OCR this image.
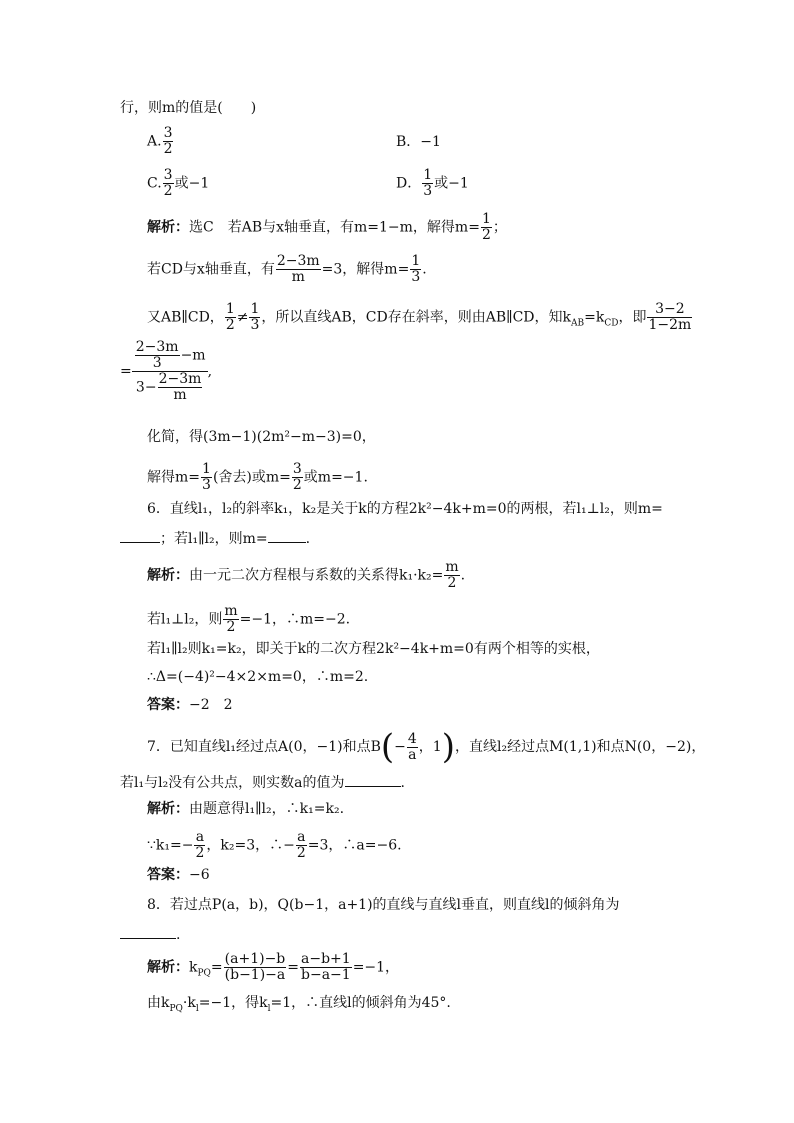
行，则m的值是(　　)
A. $\frac{3}{2}$	B．−1
C. $\frac{3}{2}$ 或−1	D． $\frac{1}{3}$ 或−1
解析：选C　若AB与x轴垂直，有m=1−m，解得$m= \frac{1}{2}$ ；
若CD与x轴垂直，有 $\frac{2-3m}{m} =3$，解得$m= \frac{1}{3}$ .
又AB∥CD， $\frac{1}{2} \ne \frac{1}{3}$ ，所以直线AB，CD存在斜率，则由AB∥CD，知$k_{AB}=k_{CD}$，即 $\frac{3-2}{1-2m}$
= $\frac{\frac{2-3m}{3} -m}{3- \frac{2-3m}{m}}$ ,
化简，得(3m−1)(2m²−m−3)=0，
解得$m= \frac{1}{3}$ (舍去)或$m= \frac{3}{2}$ 或m=−1.
6．直线l₁，l₂的斜率k₁，k₂是关于k的方程2k²−4k+m=0的两根，若l₁⊥l₂，则m=
；若l₁∥l₂，则m=	.
解析：由一元二次方程根与系数的关系得$k_1\cdot k_2= \frac{m}{2}$ .
若l₁⊥l₂，则 $\frac{m}{2} =-1$，∴m=−2.
若l₁∥l₂则k₁=k₂，即关于k的二次方程2k²−4k+m=0有两个相等的实根，
∴Δ=(−4)²−4×2×m=0，∴m=2.
答案：−2　2
7．已知直线l₁经过点A(0，−1)和点$B(- \frac{4}{a}$ ，1)，直线l₂经过点M(1,1)和点N(0，−2)，
若l₁与l₂没有公共点，则实数a的值为	.
解析：由题意得l₁∥l₂，∴k₁=k₂.
∵k₁=− $\frac{a}{2}$ ，k₂=3，∴− $\frac{a}{2} =3$，∴a=−6.
答案：−6
8．若过点P(a，b)，Q(b−1，a+1)的直线与直线l垂直，则直线l的倾斜角为
.
解析：$k_{PQ}= \frac{(a+1)-b}{(b-1)-a} = \frac{a-b+1}{b-a-1} =-1$，
由$k_{PQ}\cdot k_l=-1$，得$k_l=1$，∴直线l的倾斜角为45°.
